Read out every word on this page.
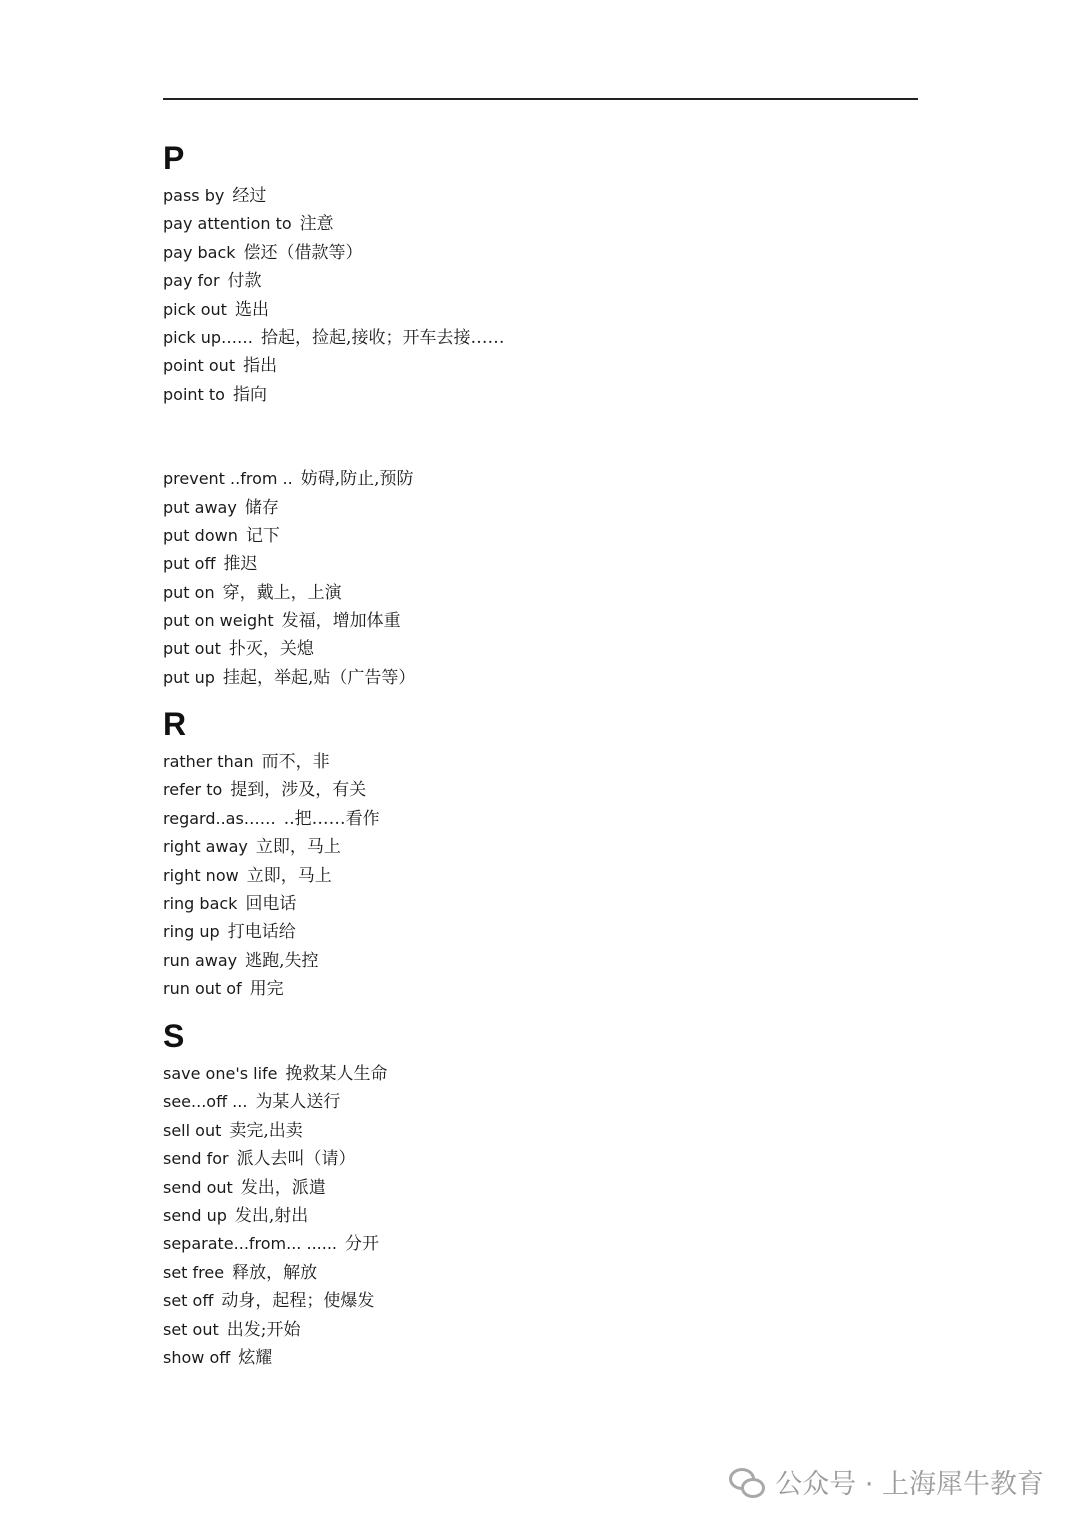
P
pass by 经过
pay attention to 注意
pay back 偿还（借款等）
pay for 付款
pick out 选出
pick up…… 拾起，捡起,接收；开车去接……
point out 指出
point to 指向
prevent ..from .. 妨碍,防止,预防
put away 储存
put down 记下
put off 推迟
put on 穿，戴上，上演
put on weight 发福，增加体重
put out 扑灭，关熄
put up 挂起，举起,贴（广告等）
R
rather than 而不，非
refer to 提到，涉及，有关
regard..as…… ..把……看作
right away 立即，马上
right now 立即，马上
ring back 回电话
ring up 打电话给
run away 逃跑,失控
run out of 用完
S
save one's life 挽救某人生命
see...off ... 为某人送行
sell out 卖完,出卖
send for 派人去叫（请）
send out 发出，派遣
send up 发出,射出
separate...from... ...... 分开
set free 释放，解放
set off 动身，起程；使爆发
set out 出发;开始
show off 炫耀
公众号 · 上海犀牛教育
